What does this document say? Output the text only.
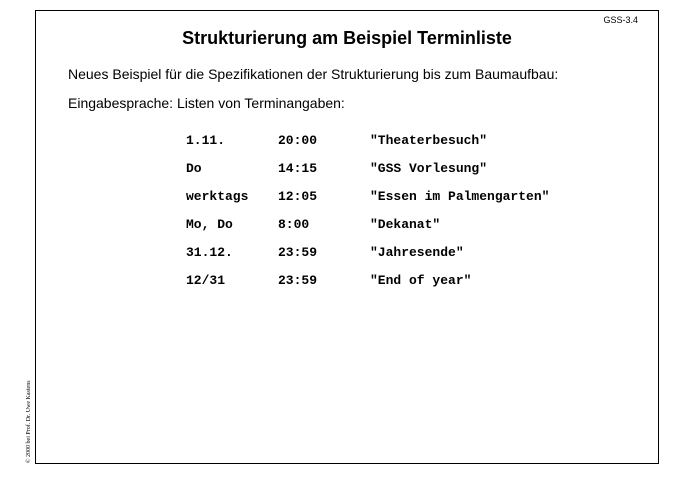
GSS-3.4
Strukturierung am Beispiel Terminliste
Neues Beispiel für die Spezifikationen der Strukturierung bis zum Baumaufbau:
Eingabesprache: Listen von Terminangaben:
1.11.	20:00	"Theaterbesuch"
Do	14:15	"GSS Vorlesung"
werktags	12:05	"Essen im Palmengarten"
Mo, Do	8:00	"Dekanat"
31.12.	23:59	"Jahresende"
12/31	23:59	"End of year"
© 2000 bei Prof. Dr. Uwe Kastens
